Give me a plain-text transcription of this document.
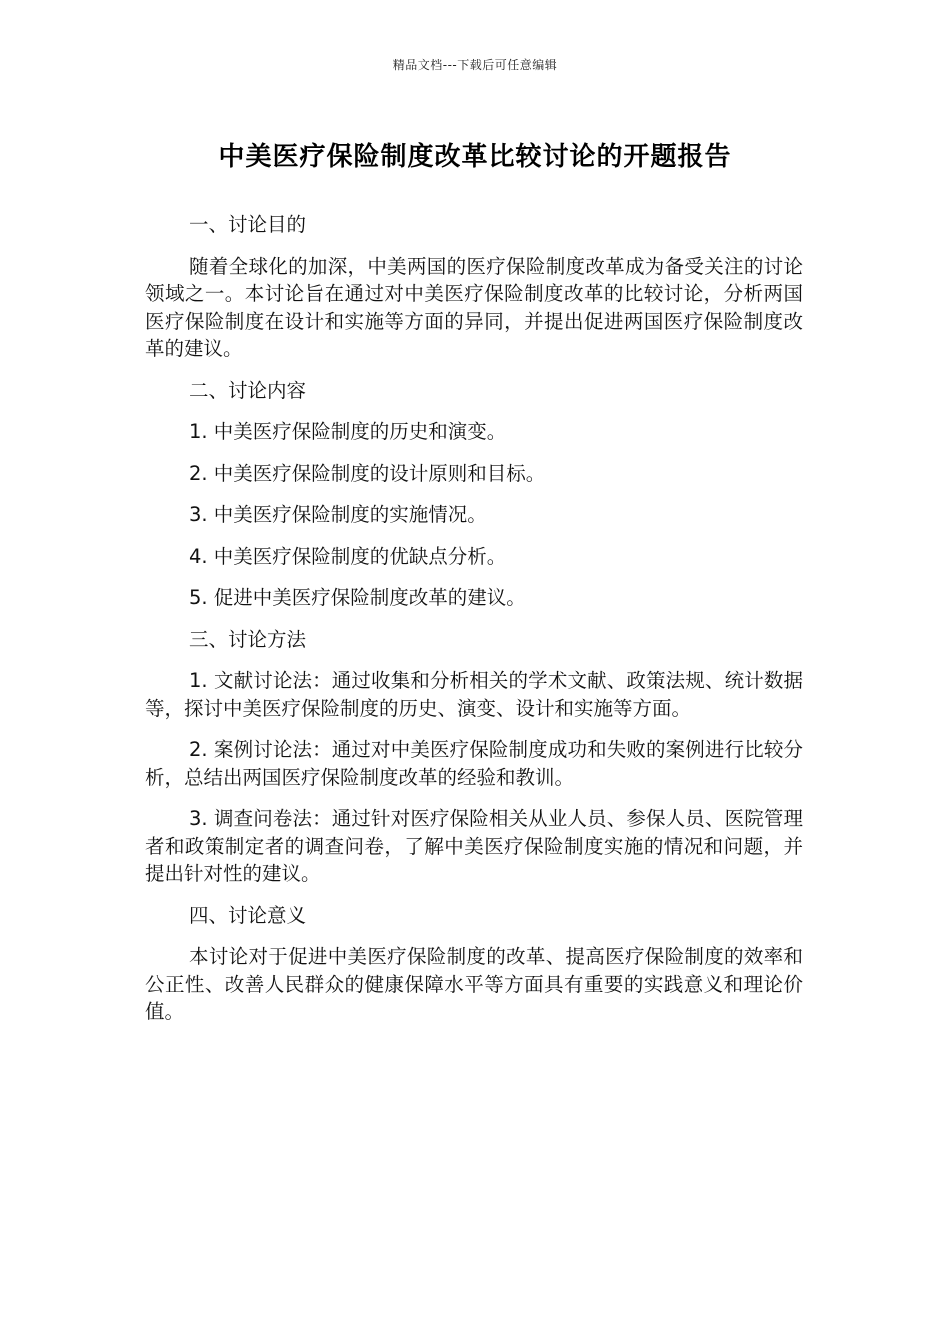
精品文档---下载后可任意编辑
中美医疗保险制度改革比较讨论的开题报告
一、讨论目的

随着全球化的加深，中美两国的医疗保险制度改革成为备受关注的讨论领域之一。本讨论旨在通过对中美医疗保险制度改革的比较讨论，分析两国医疗保险制度在设计和实施等方面的异同，并提出促进两国医疗保险制度改革的建议。

二、讨论内容
1. 中美医疗保险制度的历史和演变。
2. 中美医疗保险制度的设计原则和目标。
3. 中美医疗保险制度的实施情况。
4. 中美医疗保险制度的优缺点分析。
5. 促进中美医疗保险制度改革的建议。
三、讨论方法

1. 文献讨论法：通过收集和分析相关的学术文献、政策法规、统计数据等，探讨中美医疗保险制度的历史、演变、设计和实施等方面。

2. 案例讨论法：通过对中美医疗保险制度成功和失败的案例进行比较分析，总结出两国医疗保险制度改革的经验和教训。

3. 调查问卷法：通过针对医疗保险相关从业人员、参保人员、医院管理者和政策制定者的调查问卷，了解中美医疗保险制度实施的情况和问题，并提出针对性的建议。

四、讨论意义

本讨论对于促进中美医疗保险制度的改革、提高医疗保险制度的效率和公正性、改善人民群众的健康保障水平等方面具有重要的实践意义和理论价值。
